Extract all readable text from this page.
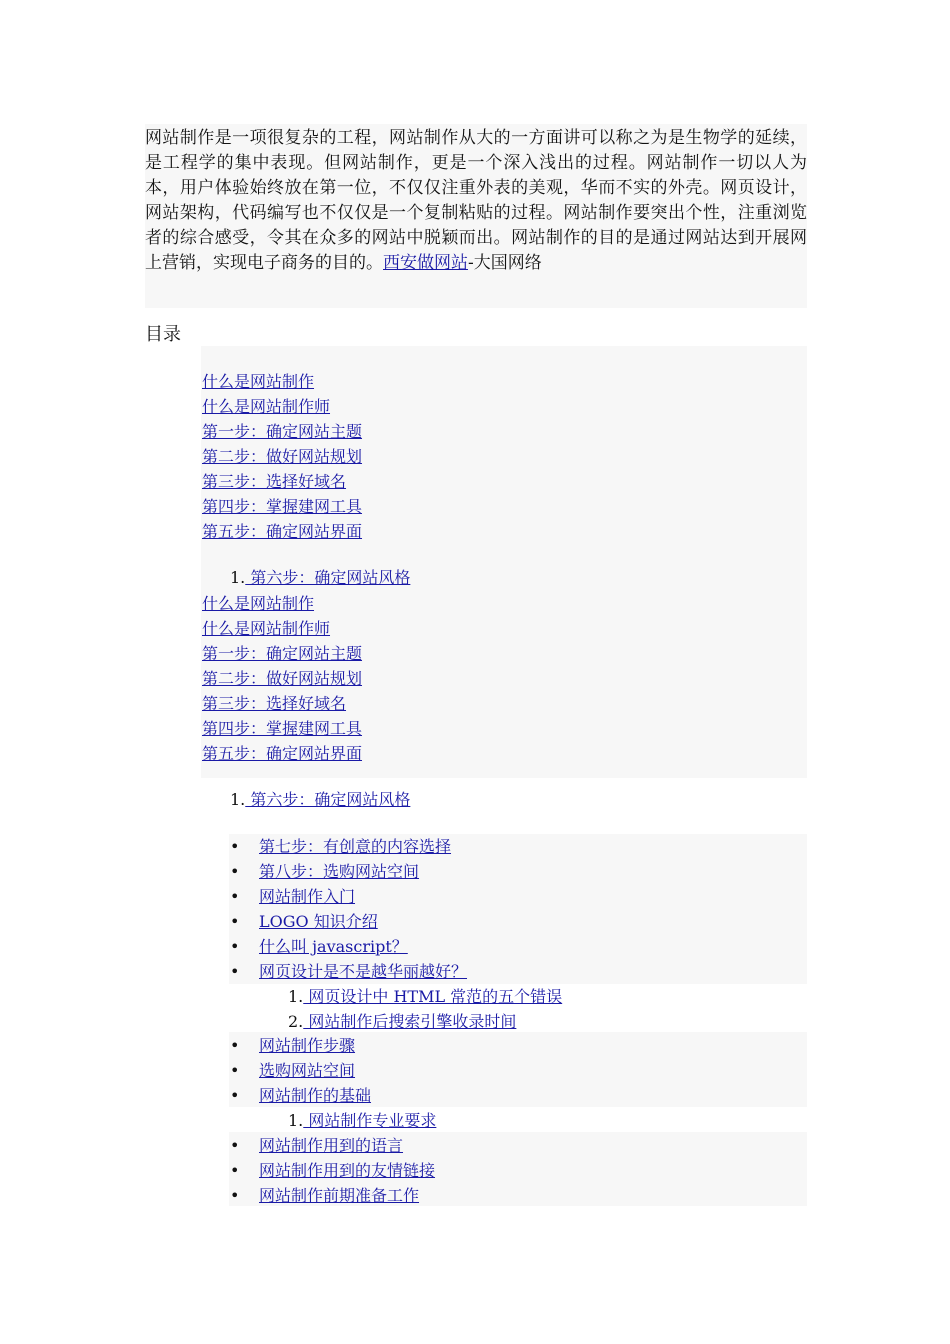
网站制作是一项很复杂的工程，网站制作从大的一方面讲可以称之为是生物学的延续，是工程学的集中表现。但网站制作，更是一个深入浅出的过程。网站制作一切以人为本，用户体验始终放在第一位，不仅仅注重外表的美观，华而不实的外壳。网页设计，网站架构，代码编写也不仅仅是一个复制粘贴的过程。网站制作要突出个性，注重浏览者的综合感受，令其在众多的网站中脱颖而出。网站制作的目的是通过网站达到开展网上营销，实现电子商务的目的。西安做网站-大国网络

目录
什么是网站制作
什么是网站制作师
第一步：确定网站主题
第二步：做好网站规划
第三步：选择好域名
第四步：掌握建网工具
第五步：确定网站界面
1. 第六步：确定网站风格
什么是网站制作
什么是网站制作师
第一步：确定网站主题
第二步：做好网站规划
第三步：选择好域名
第四步：掌握建网工具
第五步：确定网站界面
1. 第六步：确定网站风格
• 第七步：有创意的内容选择
• 第八步：选购网站空间
• 网站制作入门
• LOGO 知识介绍
• 什么叫 javascript？
• 网页设计是不是越华丽越好？
1. 网页设计中 HTML 常范的五个错误
2. 网站制作后搜索引擎收录时间
• 网站制作步骤
• 选购网站空间
• 网站制作的基础
1. 网站制作专业要求
• 网站制作用到的语言
• 网站制作用到的友情链接
• 网站制作前期准备工作
